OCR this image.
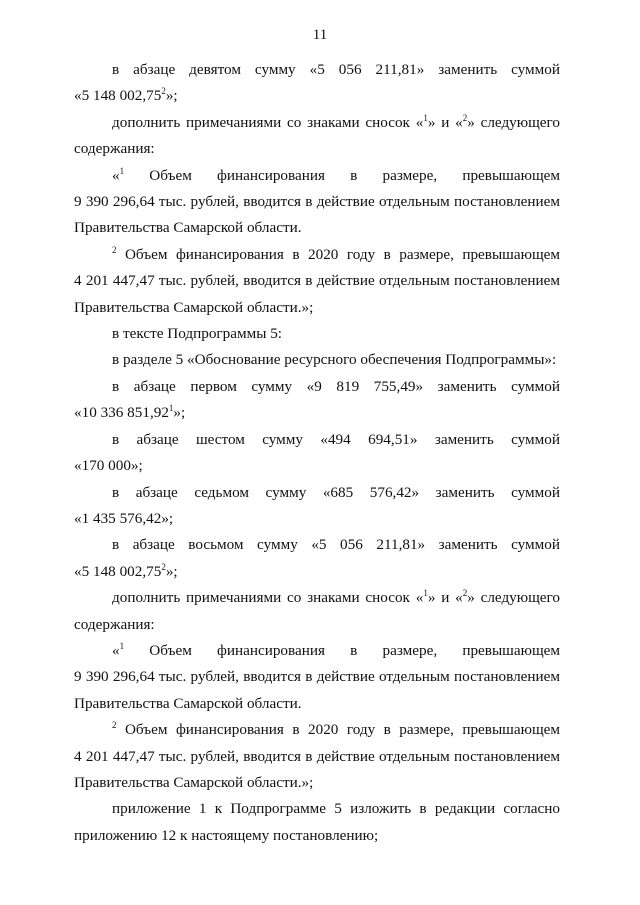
11

в абзаце девятом сумму «5 056 211,81» заменить суммой

«5 148 002,75$^2$»;

дополнить примечаниями со знаками сносок «$^1$» и «$^2$» следующего

содержания:

«$^1$ Объем финансирования в размере, превышающем

9 390 296,64 тыс. рублей, вводится в действие отдельным постановлением

Правительства Самарской области.

$^2$ Объем финансирования в 2020 году в размере, превышающем

4 201 447,47 тыс. рублей, вводится в действие отдельным постановлением

Правительства Самарской области.»;

в тексте Подпрограммы 5:

в разделе 5 «Обоснование ресурсного обеспечения Подпрограммы»:

в абзаце первом сумму «9 819 755,49» заменить суммой

«10 336 851,92$^1$»;

в абзаце шестом сумму «494 694,51» заменить суммой

«170 000»;

в абзаце седьмом сумму «685 576,42» заменить суммой

«1 435 576,42»;

в абзаце восьмом сумму «5 056 211,81» заменить суммой

«5 148 002,75$^2$»;

дополнить примечаниями со знаками сносок «$^1$» и «$^2$» следующего

содержания:

«$^1$ Объем финансирования в размере, превышающем

9 390 296,64 тыс. рублей, вводится в действие отдельным постановлением

Правительства Самарской области.

$^2$ Объем финансирования в 2020 году в размере, превышающем

4 201 447,47 тыс. рублей, вводится в действие отдельным постановлением

Правительства Самарской области.»;

приложение 1 к Подпрограмме 5 изложить в редакции согласно

приложению 12 к настоящему постановлению;
